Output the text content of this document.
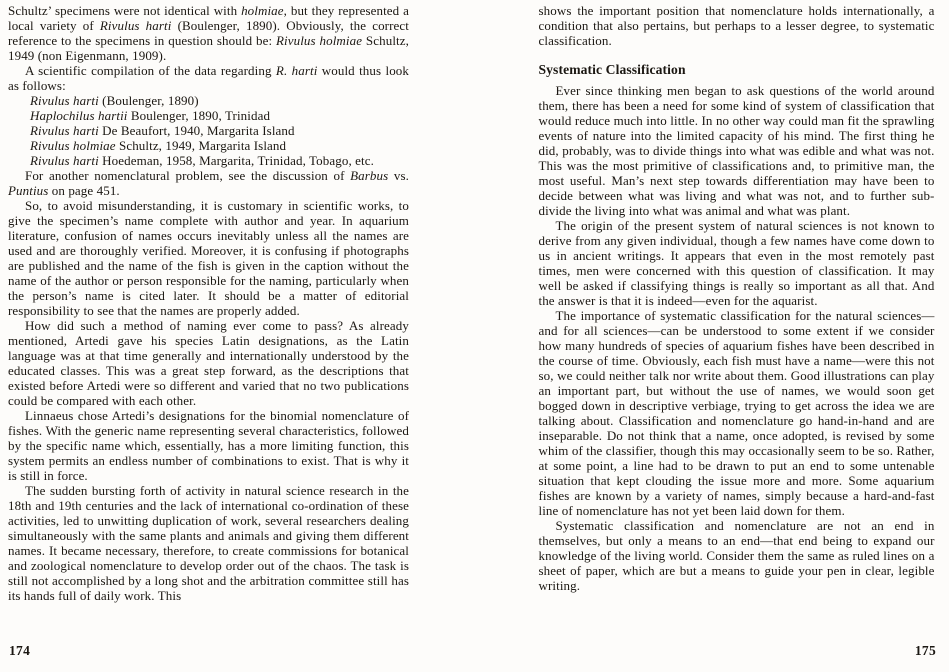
Schultz’ specimens were not identical with holmiae, but they represented a local variety of Rivulus harti (Boulenger, 1890). Obviously, the correct reference to the specimens in question should be: Rivulus holmiae Schultz, 1949 (non Eigenmann, 1909).

A scientific compilation of the data regarding R. harti would thus look as follows:

Rivulus harti (Boulenger, 1890)

Haplochilus hartii Boulenger, 1890, Trinidad

Rivulus harti De Beaufort, 1940, Margarita Island

Rivulus holmiae Schultz, 1949, Margarita Island

Rivulus harti Hoedeman, 1958, Margarita, Trinidad, Tobago, etc.

For another nomenclatural problem, see the discussion of Barbus vs. Puntius on page 451.

So, to avoid misunderstanding, it is customary in scientific works, to give the specimen’s name complete with author and year. In aquarium literature, confusion of names occurs inevitably unless all the names are used and are thoroughly verified. Moreover, it is confusing if photographs are published and the name of the fish is given in the caption without the name of the author or person responsible for the naming, particularly when the person’s name is cited later. It should be a matter of editorial responsibility to see that the names are properly added.

How did such a method of naming ever come to pass? As already mentioned, Artedi gave his species Latin designations, as the Latin language was at that time generally and internationally understood by the educated classes. This was a great step forward, as the descriptions that existed before Artedi were so different and varied that no two publications could be compared with each other.

Linnaeus chose Artedi’s designations for the binomial nomenclature of fishes. With the generic name representing several characteristics, followed by the specific name which, essentially, has a more limiting function, this system permits an endless number of combinations to exist. That is why it is still in force.

The sudden bursting forth of activity in natural science research in the 18th and 19th centuries and the lack of international co-ordination of these activities, led to unwitting duplication of work, several researchers dealing simultaneously with the same plants and animals and giving them different names. It became necessary, therefore, to create commissions for botanical and zoological nomenclature to develop order out of the chaos. The task is still not accomplished by a long shot and the arbitration committee still has its hands full of daily work. This

174

shows the important position that nomenclature holds internationally, a condition that also pertains, but perhaps to a lesser degree, to systematic classification.

Systematic Classification

Ever since thinking men began to ask questions of the world around them, there has been a need for some kind of system of classification that would reduce much into little. In no other way could man fit the sprawling events of nature into the limited capacity of his mind. The first thing he did, probably, was to divide things into what was edible and what was not. This was the most primitive of classifications and, to primitive man, the most useful. Man’s next step towards differentiation may have been to decide between what was living and what was not, and to further sub-divide the living into what was animal and what was plant.

The origin of the present system of natural sciences is not known to derive from any given individual, though a few names have come down to us in ancient writings. It appears that even in the most remotely past times, men were concerned with this question of classification. It may well be asked if classifying things is really so important as all that. And the answer is that it is indeed—even for the aquarist.

The importance of systematic classification for the natural sciences—and for all sciences—can be understood to some extent if we consider how many hundreds of species of aquarium fishes have been described in the course of time. Obviously, each fish must have a name—were this not so, we could neither talk nor write about them. Good illustrations can play an important part, but without the use of names, we would soon get bogged down in descriptive verbiage, trying to get across the idea we are talking about. Classification and nomenclature go hand-in-hand and are inseparable. Do not think that a name, once adopted, is revised by some whim of the classifier, though this may occasionally seem to be so. Rather, at some point, a line had to be drawn to put an end to some untenable situation that kept clouding the issue more and more. Some aquarium fishes are known by a variety of names, simply because a hard-and-fast line of nomenclature has not yet been laid down for them.

Systematic classification and nomenclature are not an end in themselves, but only a means to an end—that end being to expand our knowledge of the living world. Consider them the same as ruled lines on a sheet of paper, which are but a means to guide your pen in clear, legible writing.

175
